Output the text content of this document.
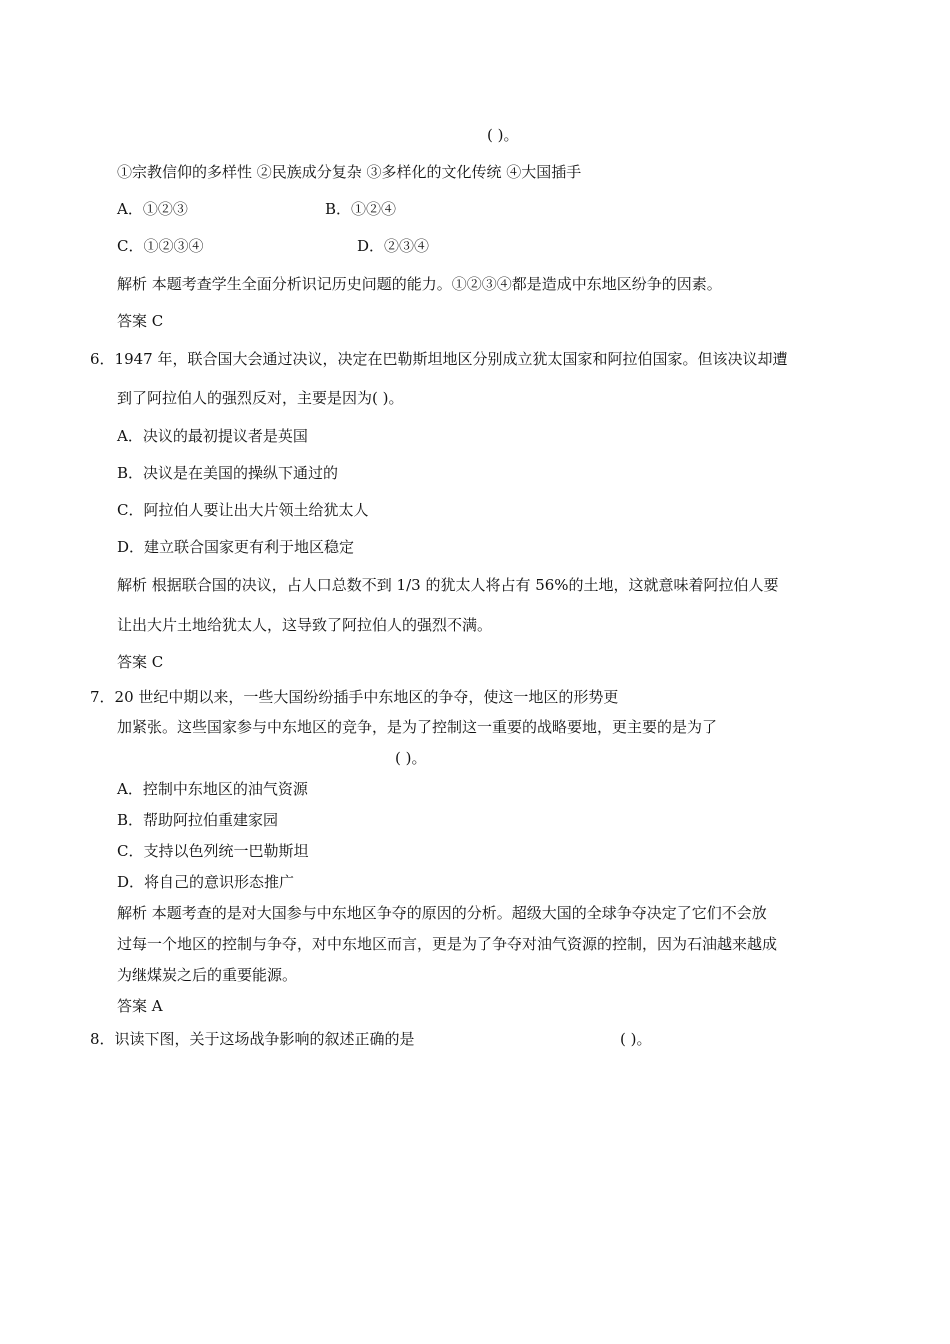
( )。
①宗教信仰的多样性 ②民族成分复杂 ③多样化的文化传统 ④大国插手
A．①②③	B．①②④
C．①②③④	D．②③④
解析 本题考查学生全面分析识记历史问题的能力。①②③④都是造成中东地区纷争的因素。
答案 C
6．1947 年，联合国大会通过决议，决定在巴勒斯坦地区分别成立犹太国家和阿拉伯国家。但该决议却遭
到了阿拉伯人的强烈反对，主要是因为( )。
A．决议的最初提议者是英国
B．决议是在美国的操纵下通过的
C．阿拉伯人要让出大片领土给犹太人
D．建立联合国家更有利于地区稳定
解析 根据联合国的决议，占人口总数不到 1/3 的犹太人将占有 56%的土地，这就意味着阿拉伯人要
让出大片土地给犹太人，这导致了阿拉伯人的强烈不满。
答案 C
7．20 世纪中期以来，一些大国纷纷插手中东地区的争夺，使这一地区的形势更
加紧张。这些国家参与中东地区的竞争，是为了控制这一重要的战略要地，更主要的是为了
( )。
A．控制中东地区的油气资源
B．帮助阿拉伯重建家园
C．支持以色列统一巴勒斯坦
D．将自己的意识形态推广
解析 本题考查的是对大国参与中东地区争夺的原因的分析。超级大国的全球争夺决定了它们不会放
过每一个地区的控制与争夺，对中东地区而言，更是为了争夺对油气资源的控制，因为石油越来越成
为继煤炭之后的重要能源。
答案 A
8．识读下图，关于这场战争影响的叙述正确的是	( )。
